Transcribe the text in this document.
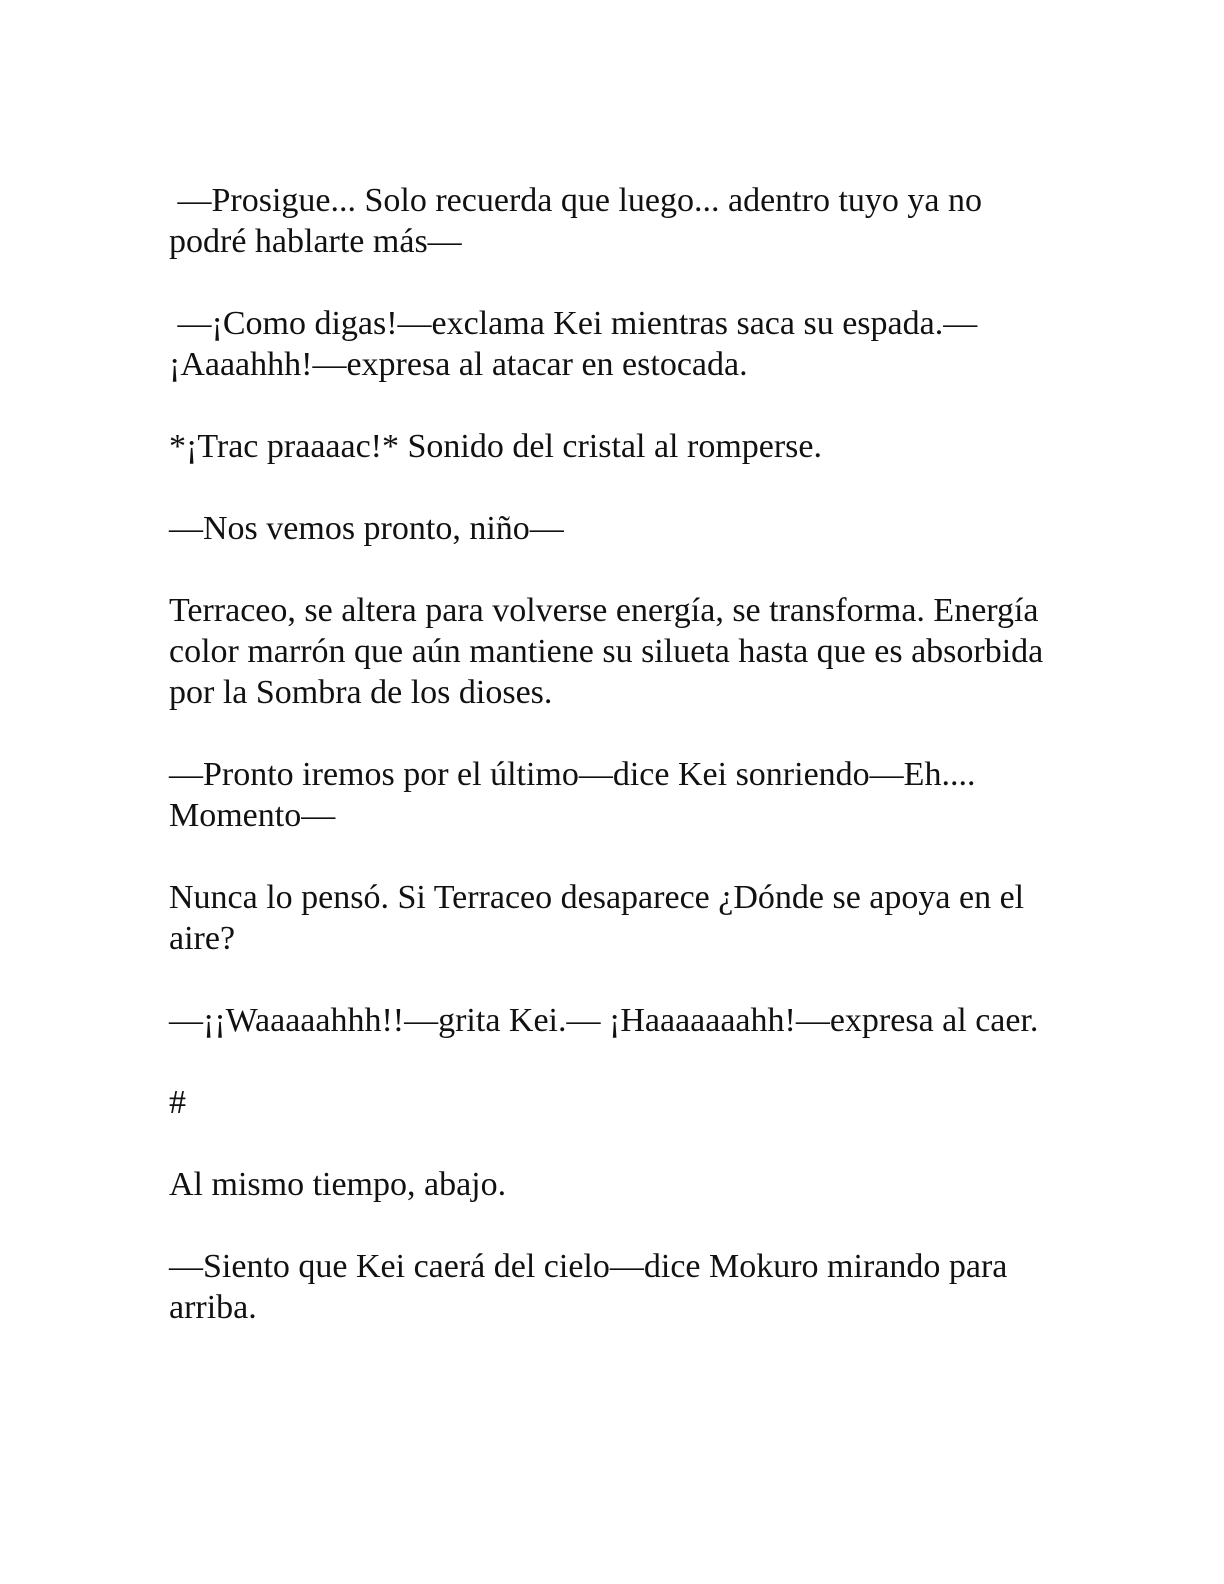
—Prosigue... Solo recuerda que luego... adentro tuyo ya no podré hablarte más—

—¡Como digas!—exclama Kei mientras saca su espada.—¡Aaaahhh!—expresa al atacar en estocada.

*¡Trac praaaac!* Sonido del cristal al romperse.

—Nos vemos pronto, niño—

Terraceo, se altera para volverse energía, se transforma. Energía color marrón que aún mantiene su silueta hasta que es absorbida por la Sombra de los dioses.

—Pronto iremos por el último—dice Kei sonriendo—Eh.... Momento—

Nunca lo pensó. Si Terraceo desaparece ¿Dónde se apoya en el aire?

—¡¡Waaaaahhh!!—grita Kei.— ¡Haaaaaaahh!—expresa al caer.

#

Al mismo tiempo, abajo.

—Siento que Kei caerá del cielo—dice Mokuro mirando para arriba.
